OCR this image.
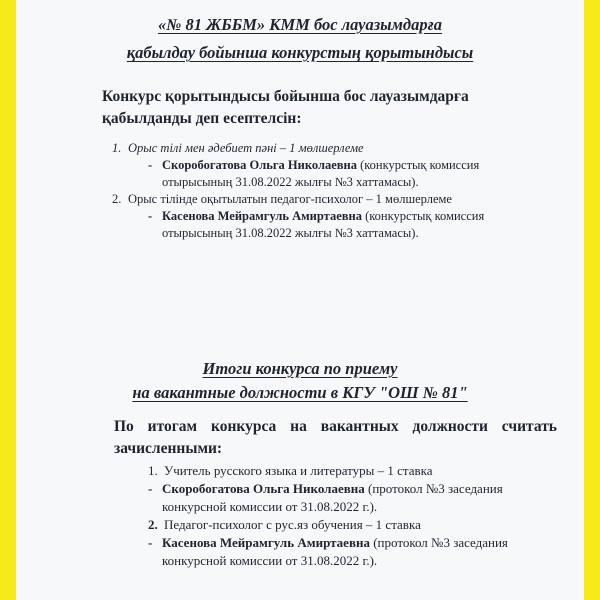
«№ 81 ЖББМ» КММ бос лауазымдарға
қабылдау бойынша конкурстың қорытындысы
Конкурс қорытындысы бойынша бос лауазымдарға
қабылданды деп есептелсін:
1. Орыс тілі мен әдебиет пәні – 1 мөлшерлеме
- Скоробогатова Ольга Николаевна (конкурстық комиссия
отырысының 31.08.2022 жылғы №3 хаттамасы).
2. Орыс тілінде оқытылатын педагог-психолог – 1 мөлшерлеме
- Касенова Мейрамгуль Амиртаевна (конкурстық комиссия
отырысының 31.08.2022 жылғы №3 хаттамасы).
Итоги конкурса по приему
на вакантные должности в КГУ "ОШ № 81"
По итогам конкурса на вакантных должности считать
зачисленными:
1. Учитель русского языка и литературы – 1 ставка
- Скоробогатова Ольга Николаевна (протокол №3 заседания
конкурсной комиссии от 31.08.2022 г.).
2. Педагог-психолог с рус.яз обучения – 1 ставка
- Касенова Мейрамгуль Амиртаевна (протокол №3 заседания
конкурсной комиссии от 31.08.2022 г.).
